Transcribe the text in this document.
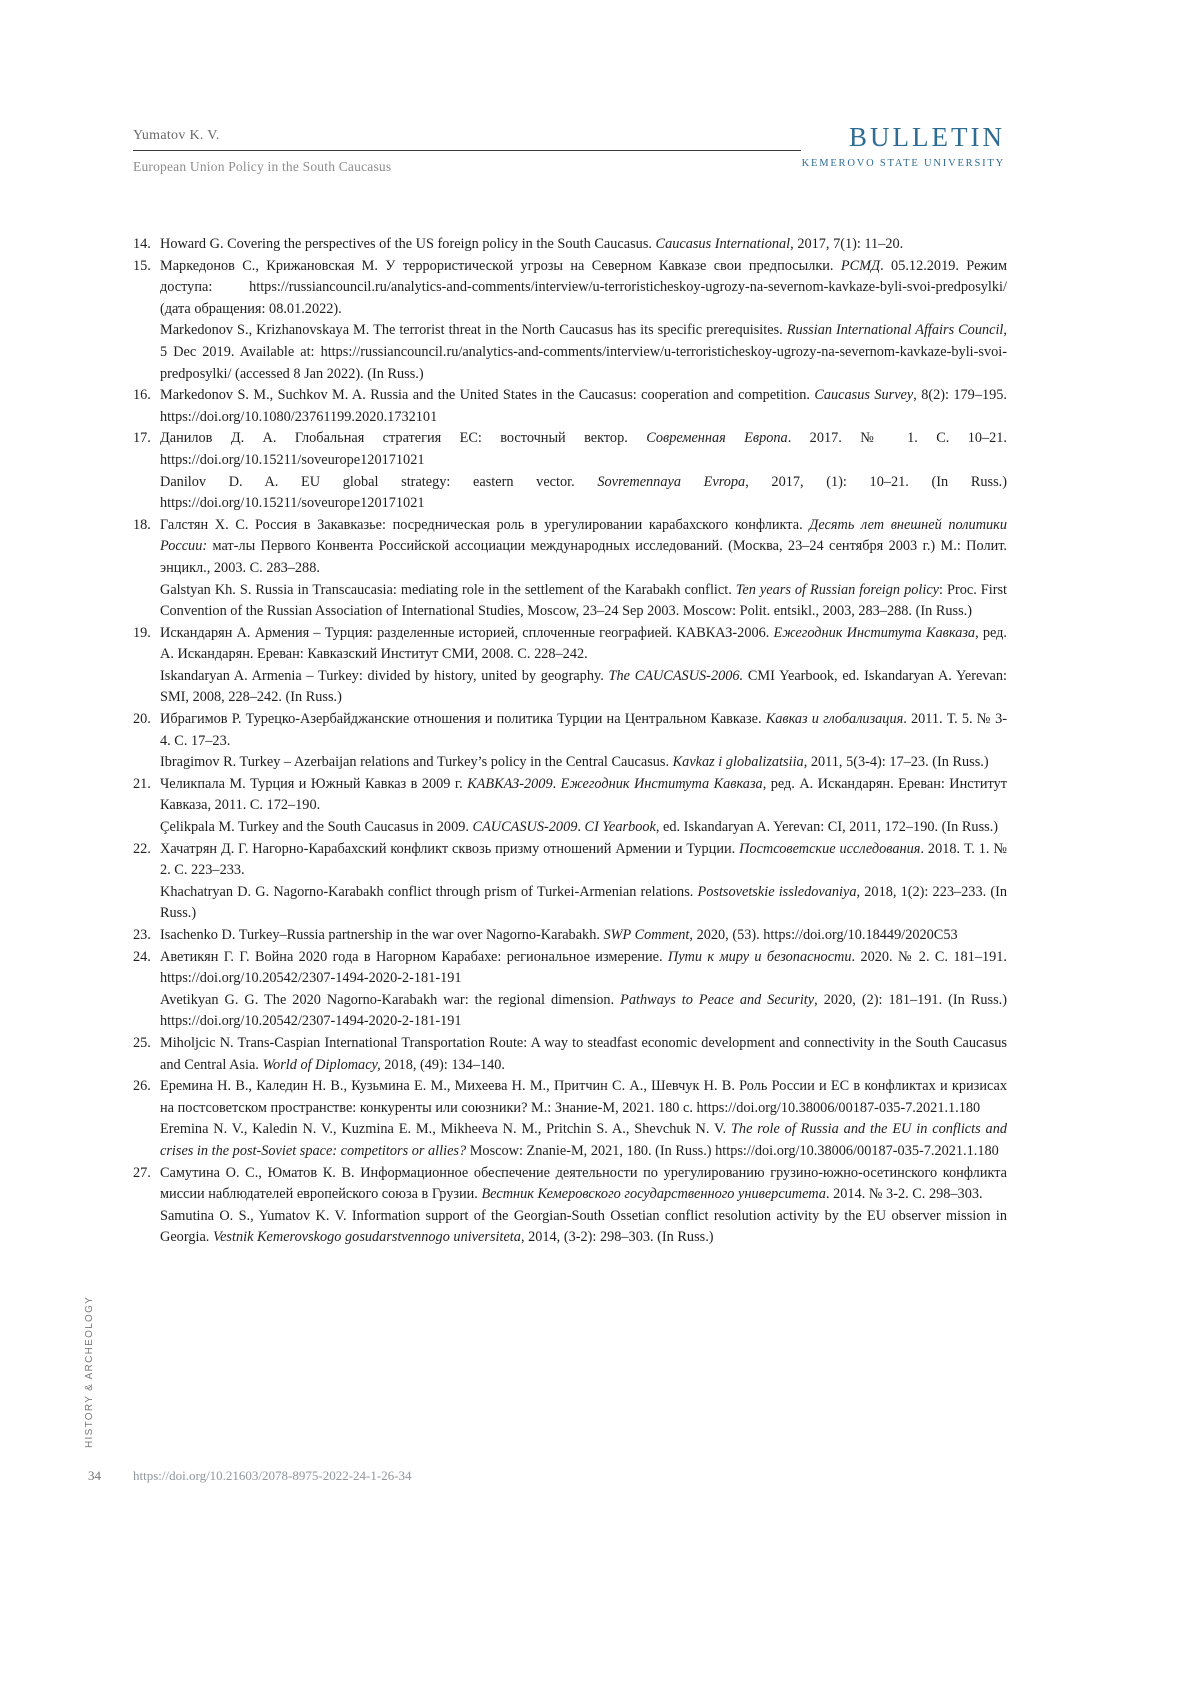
Yumatov K. V.
European Union Policy in the South Caucasus
BULLETIN
KEMEROVO STATE UNIVERSITY
14. Howard G. Covering the perspectives of the US foreign policy in the South Caucasus. Caucasus International, 2017, 7(1): 11–20.

15. Маркедонов С., Крижановская М. У террористической угрозы на Северном Кавказе свои предпосылки. РСМД. 05.12.2019. Режим доступа: https://russiancouncil.ru/analytics-and-comments/interview/u-terroristicheskoy-ugrozy-na-severnom-kavkaze-byli-svoi-predposylki/ (дата обращения: 08.01.2022).

Markedonov S., Krizhanovskaya M. The terrorist threat in the North Caucasus has its specific prerequisites. Russian International Affairs Council, 5 Dec 2019. Available at: https://russiancouncil.ru/analytics-and-comments/interview/u-terroristicheskoy-ugrozy-na-severnom-kavkaze-byli-svoi-predposylki/ (accessed 8 Jan 2022). (In Russ.)

16. Markedonov S. M., Suchkov M. A. Russia and the United States in the Caucasus: cooperation and competition. Caucasus Survey, 8(2): 179–195. https://doi.org/10.1080/23761199.2020.1732101

17. Данилов Д. А. Глобальная стратегия ЕС: восточный вектор. Современная Европа. 2017. № 1. С. 10–21. https://doi.org/10.15211/soveurope120171021

Danilov D. A. EU global strategy: eastern vector. Sovremennaya Evropa, 2017, (1): 10–21. (In Russ.) https://doi.org/10.15211/soveurope120171021

18. Галстян Х. С. Россия в Закавказье: посредническая роль в урегулировании карабахского конфликта. Десять лет внешней политики России: мат-лы Первого Конвента Российской ассоциации международных исследований. (Москва, 23–24 сентября 2003 г.) М.: Полит. энцикл., 2003. С. 283–288.

Galstyan Kh. S. Russia in Transcaucasia: mediating role in the settlement of the Karabakh conflict. Ten years of Russian foreign policy: Proc. First Convention of the Russian Association of International Studies, Moscow, 23–24 Sep 2003. Moscow: Polit. entsikl., 2003, 283–288. (In Russ.)

19. Искандарян А. Армения – Турция: разделенные историей, сплоченные географией. КАВКАЗ-2006. Ежегодник Института Кавказа, ред. А. Искандарян. Ереван: Кавказский Институт СМИ, 2008. С. 228–242.

Iskandaryan A. Armenia – Turkey: divided by history, united by geography. The CAUCASUS-2006. CMI Yearbook, ed. Iskandaryan A. Yerevan: SMI, 2008, 228–242. (In Russ.)

20. Ибрагимов Р. Турецко-Азербайджанские отношения и политика Турции на Центральном Кавказе. Кавказ и глобализация. 2011. Т. 5. № 3-4. С. 17–23.

Ibragimov R. Turkey – Azerbaijan relations and Turkey’s policy in the Central Caucasus. Kavkaz i globalizatsiia, 2011, 5(3-4): 17–23. (In Russ.)

21. Челикпала М. Турция и Южный Кавказ в 2009 г. КАВКАЗ-2009. Ежегодник Института Кавказа, ред. А. Искандарян. Ереван: Институт Кавказа, 2011. С. 172–190.

Çelikpala M. Turkey and the South Caucasus in 2009. CAUCASUS-2009. CI Yearbook, ed. Iskandaryan A. Yerevan: CI, 2011, 172–190. (In Russ.)

22. Хачатрян Д. Г. Нагорно-Карабахский конфликт сквозь призму отношений Армении и Турции. Постсоветские исследования. 2018. Т. 1. № 2. С. 223–233.

Khachatryan D. G. Nagorno-Karabakh conflict through prism of Turkei-Armenian relations. Postsovetskie issledovaniya, 2018, 1(2): 223–233. (In Russ.)

23. Isachenko D. Turkey–Russia partnership in the war over Nagorno-Karabakh. SWP Comment, 2020, (53). https://doi.org/10.18449/2020C53

24. Аветикян Г. Г. Война 2020 года в Нагорном Карабахе: региональное измерение. Пути к миру и безопасности. 2020. № 2. С. 181–191. https://doi.org/10.20542/2307-1494-2020-2-181-191

Avetikyan G. G. The 2020 Nagorno-Karabakh war: the regional dimension. Pathways to Peace and Security, 2020, (2): 181–191. (In Russ.) https://doi.org/10.20542/2307-1494-2020-2-181-191

25. Miholjcic N. Trans-Caspian International Transportation Route: A way to steadfast economic development and connectivity in the South Caucasus and Central Asia. World of Diplomacy, 2018, (49): 134–140.

26. Еремина Н. В., Каледин Н. В., Кузьмина Е. М., Михеева Н. М., Притчин С. А., Шевчук Н. В. Роль России и ЕС в конфликтах и кризисах на постсоветском пространстве: конкуренты или союзники? М.: Знание-М, 2021. 180 с. https://doi.org/10.38006/00187-035-7.2021.1.180

Eremina N. V., Kaledin N. V., Kuzmina E. M., Mikheeva N. M., Pritchin S. A., Shevchuk N. V. The role of Russia and the EU in conflicts and crises in the post-Soviet space: competitors or allies? Moscow: Znanie-M, 2021, 180. (In Russ.) https://doi.org/10.38006/00187-035-7.2021.1.180

27. Самутина О. С., Юматов К. В. Информационное обеспечение деятельности по урегулированию грузино-южно-осетинского конфликта миссии наблюдателей европейского союза в Грузии. Вестник Кемеровского государственного университета. 2014. № 3-2. С. 298–303.

Samutina O. S., Yumatov K. V. Information support of the Georgian-South Ossetian conflict resolution activity by the EU observer mission in Georgia. Vestnik Kemerovskogo gosudarstvennogo universiteta, 2014, (3-2): 298–303. (In Russ.)

HISTORY & ARCHEOLOGY
34 https://doi.org/10.21603/2078-8975-2022-24-1-26-34
